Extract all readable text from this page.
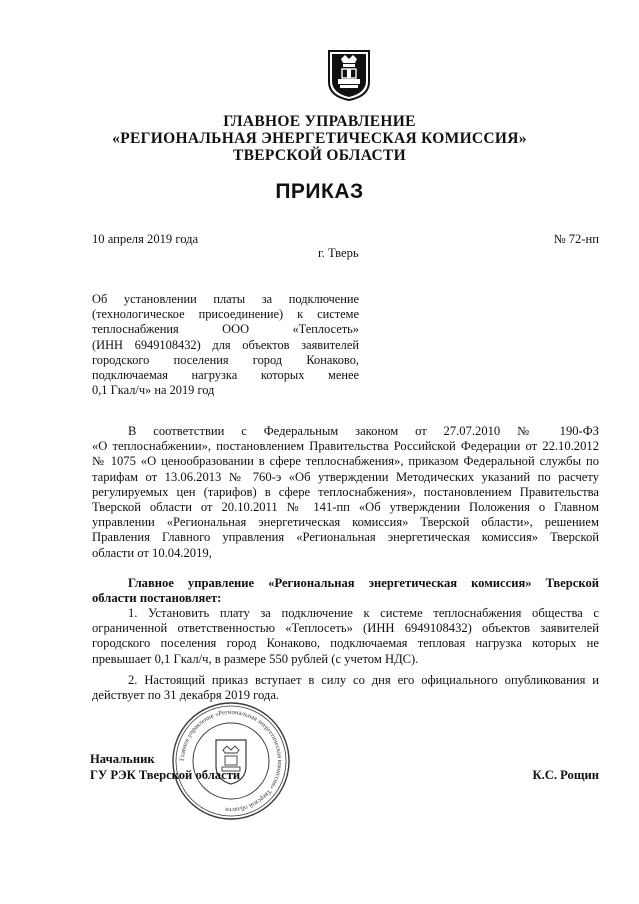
ГЛАВНОЕ УПРАВЛЕНИЕ
«РЕГИОНАЛЬНАЯ ЭНЕРГЕТИЧЕСКАЯ КОМИССИЯ»
ТВЕРСКОЙ ОБЛАСТИ
ПРИКАЗ
10 апреля 2019 года	№ 72-нп
г. Тверь
Об установлении платы за подключение
(технологическое присоединение) к системе
теплоснабжения ООО «Теплосеть»
(ИНН 6949108432) для объектов заявителей
городского поселения город Конаково,
подключаемая нагрузка которых менее
0,1 Гкал/ч» на 2019 год
В соответствии с Федеральным законом от 27.07.2010 № 190-ФЗ
«О теплоснабжении», постановлением Правительства Российской Федерации от 22.10.2012
№ 1075 «О ценообразовании в сфере теплоснабжения», приказом Федеральной службы по
тарифам от 13.06.2013 № 760-э «Об утверждении Методических указаний по расчету
регулируемых цен (тарифов) в сфере теплоснабжения», постановлением Правительства
Тверской области от 20.10.2011 № 141-пп «Об утверждении Положения о Главном
управлении «Региональная энергетическая комиссия» Тверской области», решением
Правления Главного управления «Региональная энергетическая комиссия» Тверской
области от 10.04.2019,
Главное управление «Региональная энергетическая комиссия» Тверской
области постановляет:
1. Установить плату за подключение к системе теплоснабжения общества с
ограниченной ответственностью «Теплосеть» (ИНН 6949108432) объектов заявителей
городского поселения город Конаково, подключаемая тепловая нагрузка которых не
превышает 0,1 Гкал/ч, в размере 550 рублей (с учетом НДС).
2. Настоящий приказ вступает в силу со дня его официального опубликования и
действует по 31 декабря 2019 года.
Главное управление «Региональная энергетическая комиссия» Тверской области
Начальник
ГУ РЭК Тверской области	К.С. Рощин
